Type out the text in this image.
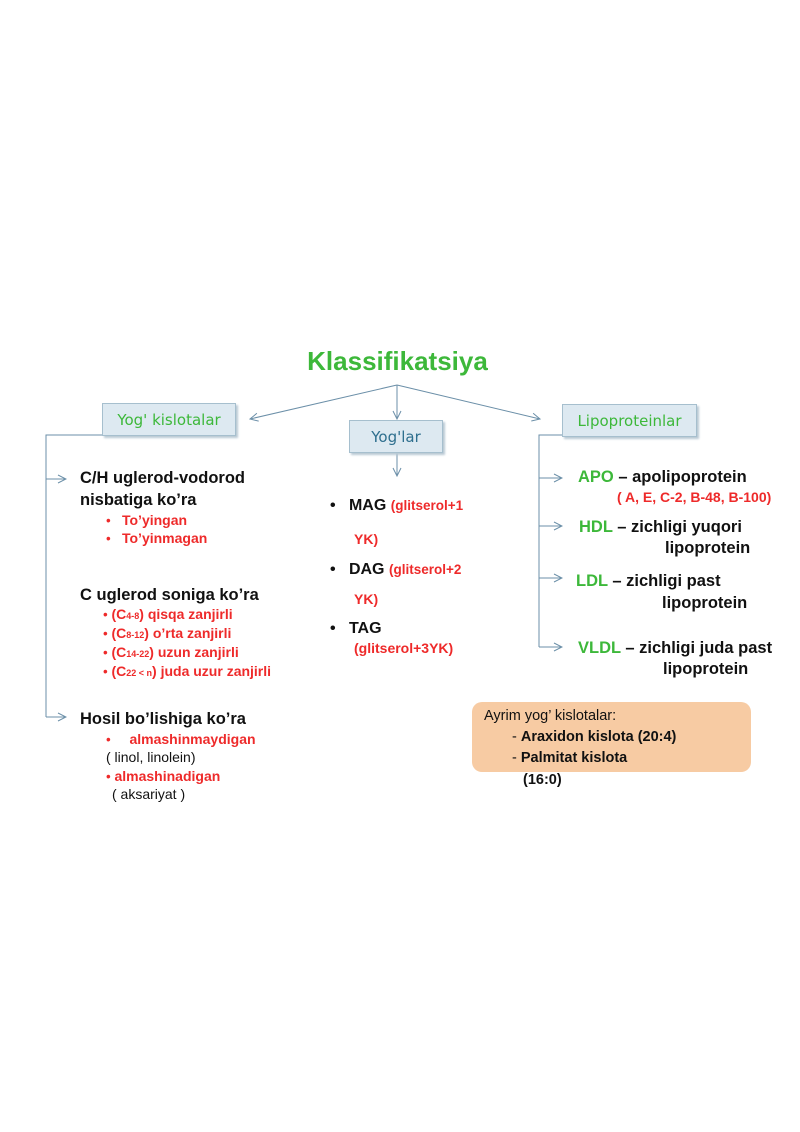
Klassifikatsiya
Yog' kislotalar
Yog'lar
Lipoproteinlar
C/H uglerod-vodorod
nisbatiga ko’ra
•   To’yingan
•   To’yinmagan
C uglerod soniga ko’ra
• (C4-8) qisqa zanjirli
• (C8-12) o’rta zanjirli
• (C14-22) uzun zanjirli
• (C22 < n) juda uzur zanjirli
Hosil bo’lishiga ko’ra
•     almashinmaydigan
( linol, linolein)
• almashinadigan
( aksariyat )
•   MAG (glitserol+1
YK)
•   DAG (glitserol+2
YK)
•   TAG
(glitserol+3YK)
APO – apolipoprotein
( A, E, C-2, B-48, B-100)
HDL – zichligi yuqori
lipoprotein
LDL – zichligi past
lipoprotein
VLDL – zichligi juda past
lipoprotein
Ayrim yog’ kislotalar:
- Araxidon kislota (20:4)
- Palmitat kislota
(16:0)
